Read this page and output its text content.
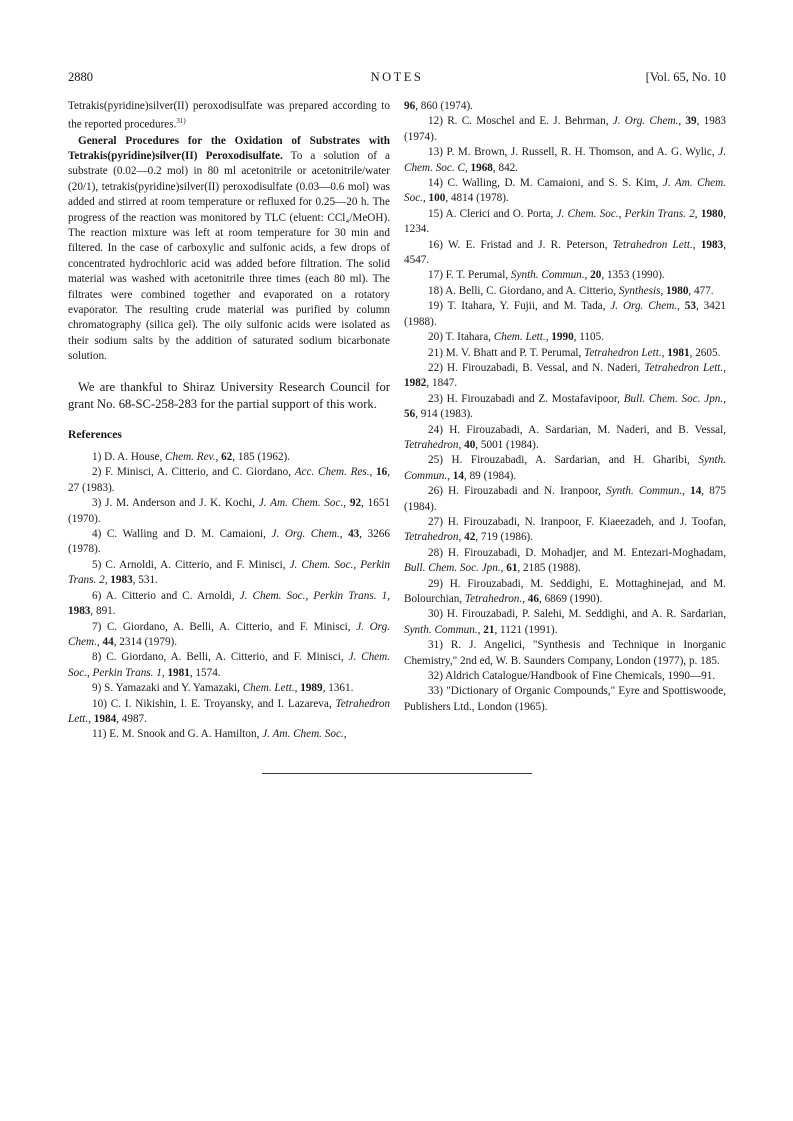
2880	NOTES	[Vol. 65, No. 10

Tetrakis(pyridine)silver(II) peroxodisulfate was prepared according to the reported procedures.$^{31)}$

General Procedures for the Oxidation of Substrates with Tetrakis(pyridine)silver(II) Peroxodisulfate. To a solution of a substrate (0.02—0.2 mol) in 80 ml acetonitrile or acetonitrile/water (20/1), tetrakis(pyridine)silver(II) peroxodisulfate (0.03—0.6 mol) was added and stirred at room temperature or refluxed for 0.25—20 h. The progress of the reaction was monitored by TLC (eluent: CCl₄/MeOH). The reaction mixture was left at room temperature for 30 min and filtered. In the case of carboxylic and sulfonic acids, a few drops of concentrated hydrochloric acid was added before filtration. The solid material was washed with acetonitrile three times (each 80 ml). The filtrates were combined together and evaporated on a rotatory evaporator. The resulting crude material was purified by column chromatography (silica gel). The oily sulfonic acids were isolated as their sodium salts by the addition of saturated sodium bicarbonate solution.

We are thankful to Shiraz University Research Council for grant No. 68-SC-258-283 for the partial support of this work.

References
1) D. A. House, Chem. Rev., 62, 185 (1962).
2) F. Minisci, A. Citterio, and C. Giordano, Acc. Chem. Res., 16, 27 (1983).
3) J. M. Anderson and J. K. Kochi, J. Am. Chem. Soc., 92, 1651 (1970).
4) C. Walling and D. M. Camaioni, J. Org. Chem., 43, 3266 (1978).
5) C. Arnoldi, A. Citterio, and F. Minisci, J. Chem. Soc., Perkin Trans. 2, 1983, 531.
6) A. Citterio and C. Arnoldi, J. Chem. Soc., Perkin Trans. 1, 1983, 891.
7) C. Giordano, A. Belli, A. Citterio, and F. Minisci, J. Org. Chem., 44, 2314 (1979).
8) C. Giordano, A. Belli, A. Citterio, and F. Minisci, J. Chem. Soc., Perkin Trans. 1, 1981, 1574.
9) S. Yamazaki and Y. Yamazaki, Chem. Lett., 1989, 1361.
10) C. I. Nikishin, I. E. Troyansky, and I. Lazareva, Tetrahedron Lett., 1984, 4987.
11) E. M. Snook and G. A. Hamilton, J. Am. Chem. Soc.,
96, 860 (1974).
12) R. C. Moschel and E. J. Behrman, J. Org. Chem., 39, 1983 (1974).
13) P. M. Brown, J. Russell, R. H. Thomson, and A. G. Wylic, J. Chem. Soc. C, 1968, 842.
14) C. Walling, D. M. Camaioni, and S. S. Kim, J. Am. Chem. Soc., 100, 4814 (1978).
15) A. Clerici and O. Porta, J. Chem. Soc., Perkin Trans. 2, 1980, 1234.
16) W. E. Fristad and J. R. Peterson, Tetrahedron Lett., 1983, 4547.
17) F. T. Perumal, Synth. Commun., 20, 1353 (1990).
18) A. Belli, C. Giordano, and A. Citterio, Synthesis, 1980, 477.
19) T. Itahara, Y. Fujii, and M. Tada, J. Org. Chem., 53, 3421 (1988).
20) T. Itahara, Chem. Lett., 1990, 1105.
21) M. V. Bhatt and P. T. Perumal, Tetrahedron Lett., 1981, 2605.
22) H. Firouzabadi, B. Vessal, and N. Naderi, Tetrahedron Lett., 1982, 1847.
23) H. Firouzabadi and Z. Mostafavipoor, Bull. Chem. Soc. Jpn., 56, 914 (1983).
24) H. Firouzabadi, A. Sardarian, M. Naderi, and B. Vessal, Tetrahedron, 40, 5001 (1984).
25) H. Firouzabadi, A. Sardarian, and H. Gharibi, Synth. Commun., 14, 89 (1984).
26) H. Firouzabadi and N. Iranpoor, Synth. Commun., 14, 875 (1984).
27) H. Firouzabadi, N. Iranpoor, F. Kiaeezadeh, and J. Toofan, Tetrahedron, 42, 719 (1986).
28) H. Firouzabadi, D. Mohadjer, and M. Entezari-Moghadam, Bull. Chem. Soc. Jpn., 61, 2185 (1988).
29) H. Firouzabadi, M. Seddighi, E. Mottaghinejad, and M. Bolourchian, Tetrahedron., 46, 6869 (1990).
30) H. Firouzabadi, P. Salehi, M. Seddighi, and A. R. Sardarian, Synth. Commun., 21, 1121 (1991).
31) R. J. Angelici, "Synthesis and Technique in Inorganic Chemistry," 2nd ed, W. B. Saunders Company, London (1977), p. 185.
32) Aldrich Catalogue/Handbook of Fine Chemicals, 1990—91.
33) "Dictionary of Organic Compounds," Eyre and Spottiswoode, Publishers Ltd., London (1965).
